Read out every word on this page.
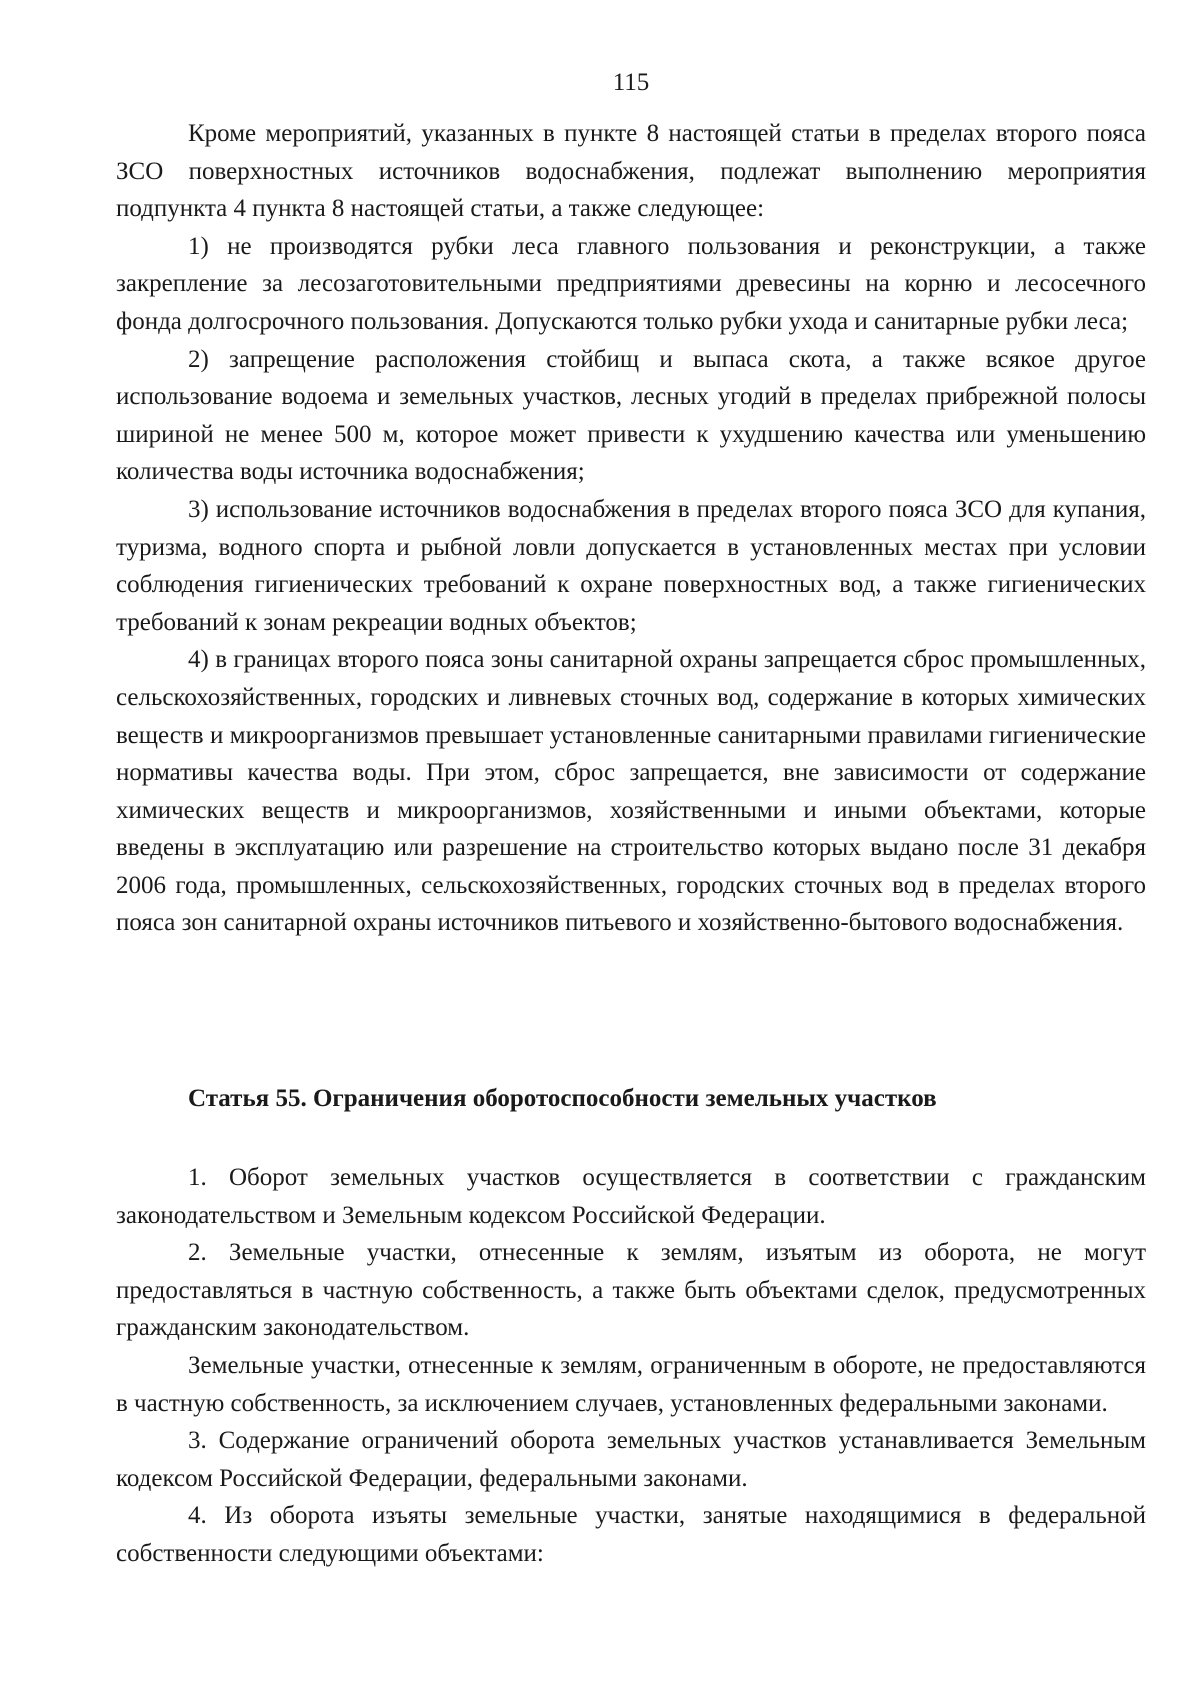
115

Кроме мероприятий, указанных в пункте 8 настоящей статьи в пределах второго пояса ЗСО поверхностных источников водоснабжения, подлежат выполнению мероприятия подпункта 4 пункта 8 настоящей статьи, а также следующее:

1) не производятся рубки леса главного пользования и реконструкции, а также закрепление за лесозаготовительными предприятиями древесины на корню и лесосечного фонда долгосрочного пользования. Допускаются только рубки ухода и санитарные рубки леса;

2) запрещение расположения стойбищ и выпаса скота, а также всякое другое использование водоема и земельных участков, лесных угодий в пределах прибрежной полосы шириной не менее 500 м, которое может привести к ухудшению качества или уменьшению количества воды источника водоснабжения;

3) использование источников водоснабжения в пределах второго пояса ЗСО для купания, туризма, водного спорта и рыбной ловли допускается в установленных местах при условии соблюдения гигиенических требований к охране поверхностных вод, а также гигиенических требований к зонам рекреации водных объектов;

4) в границах второго пояса зоны санитарной охраны запрещается сброс промышленных, сельскохозяйственных, городских и ливневых сточных вод, содержание в которых химических веществ и микроорганизмов превышает установленные санитарными правилами гигиенические нормативы качества воды. При этом, сброс запрещается, вне зависимости от содержание химических веществ и микроорганизмов, хозяйственными и иными объектами, которые введены в эксплуатацию или разрешение на строительство которых выдано после 31 декабря 2006 года, промышленных, сельскохозяйственных, городских сточных вод в пределах второго пояса зон санитарной охраны источников питьевого и хозяйственно-бытового водоснабжения.

Статья 55. Ограничения оборотоспособности земельных участков

1. Оборот земельных участков осуществляется в соответствии с гражданским законодательством и Земельным кодексом Российской Федерации.

2. Земельные участки, отнесенные к землям, изъятым из оборота, не могут предоставляться в частную собственность, а также быть объектами сделок, предусмотренных гражданским законодательством.

Земельные участки, отнесенные к землям, ограниченным в обороте, не предоставляются в частную собственность, за исключением случаев, установленных федеральными законами.

3. Содержание ограничений оборота земельных участков устанавливается Земельным кодексом Российской Федерации, федеральными законами.

4. Из оборота изъяты земельные участки, занятые находящимися в федеральной собственности следующими объектами:
